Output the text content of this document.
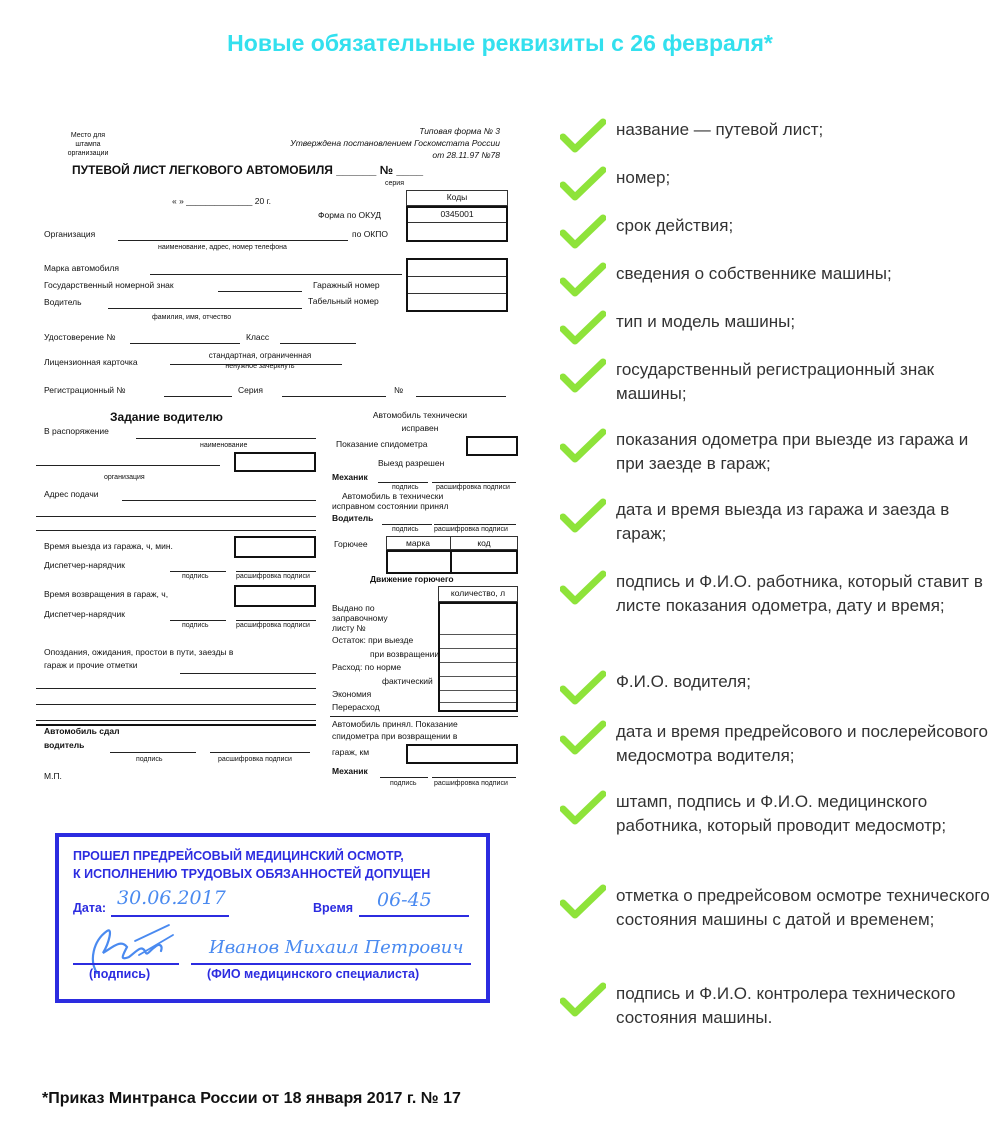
Новые обязательные реквизиты с 26 февраля*
Место для
штампа
организации
Типовая форма № 3
Утверждена постановлением Госкомстата России
от 28.11.97 №78
ПУТЕВОЙ ЛИСТ ЛЕГКОВОГО АВТОМОБИЛЯ ______ № ____
серия
« » ______________ 20 г.	Коды
0345001
Форма по ОКУД
по ОКПО
Организация
наименование, адрес, номер телефона
Марка автомобиля
Государственный номерной знак	Гаражный номер
Водитель	Табельный номер
фамилия, имя, отчество
Удостоверение №	Класс
Лицензионная карточка
стандартная, ограниченная
ненужное зачеркнуть
Регистрационный №	Серия	№
Задание водителю
В распоряжение
наименование
организация
Адрес подачи
Время выезда из гаража, ч, мин.
Диспетчер-нарядчик
подпись	расшифровка подписи
Время возвращения в гараж, ч,
Диспетчер-нарядчик
подпись	расшифровка подписи
Опоздания, ожидания, простои в пути, заезды в
гараж и прочие отметки
Автомобиль сдал
водитель
подпись	расшифровка подписи
М.П.
Автомобиль технически
исправен
Показание спидометра
Выезд разрешен
Механик
подпись	расшифровка подписи
Автомобиль в технически
исправном состоянии принял
Водитель
подпись расшифровка подписи
Горючее	марка	код
Движение горючего
количество, л
Выдано по
заправочному
листу №
Остаток: при выезде
при возвращении
Расход: по норме
фактический
Экономия
Перерасход
Автомобиль принял. Показание
спидометра при возвращении в
гараж, км
Механик
подпись	расшифровка подписи
ПРОШЕЛ ПРЕДРЕЙСОВЫЙ МЕДИЦИНСКИЙ ОСМОТР,
К ИСПОЛНЕНИЮ ТРУДОВЫХ ОБЯЗАННОСТЕЙ ДОПУЩЕН
Дата: 30.06.2017	Время 06-45
(подпись)
Иванов Михаил Петрович
(ФИО медицинского специалиста)
название — путевой лист;
номер;
срок действия;
сведения о собственнике машины;
тип и модель машины;
государственный регистрационный знак машины;
показания одометра при выезде из гаража и при заезде в гараж;
дата и время выезда из гаража и заезда в гараж;
подпись и Ф.И.О. работника, который ставит в листе показания одометра, дату и время;
Ф.И.О. водителя;
дата и время предрейсового и послерейсового медосмотра водителя;
штамп, подпись и Ф.И.О. медицинского работника, который проводит медосмотр;
отметка о предрейсовом осмотре технического состояния машины с датой и временем;
подпись и Ф.И.О. контролера технического состояния машины.
*Приказ Минтранса России от 18 января 2017 г. № 17
